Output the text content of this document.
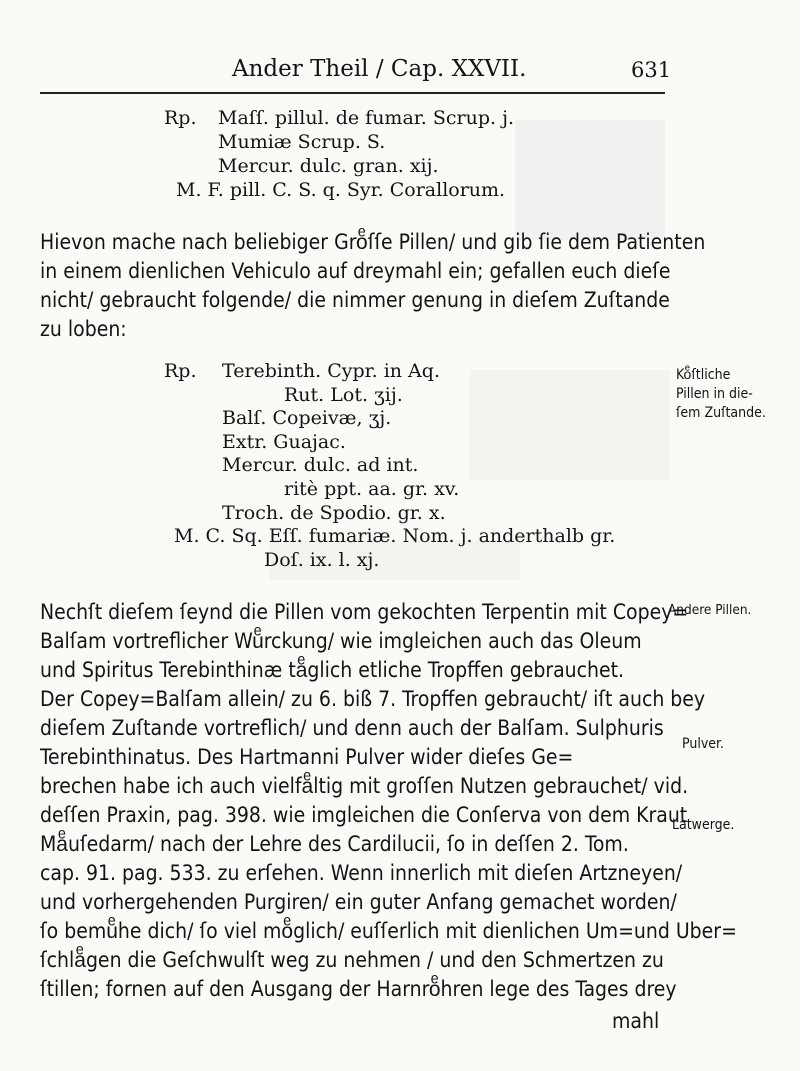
Ander Theil / Cap. XXVII.	631
Rp. Maſſ. pillul. de fumar. Scrup. j.
Mumiæ Scrup. S.
Mercur. dulc. gran. xij.
M. F. pill. C. S. q. Syr. Corallorum.
Hievon mache nach beliebiger Groͤſſe Pillen/ und gib ſie dem Patienten
in einem dienlichen Vehiculo auf dreymahl ein; gefallen euch dieſe
nicht/ gebraucht folgende/ die nimmer genung in dieſem Zuſtande
zu loben:
Rp. Terebinth. Cypr. in Aq.
Rut. Lot. ʒij.
Balſ. Copeivæ, ʒj.
Extr. Guajac.
Mercur. dulc. ad int.
ritè ppt. aa. gr. xv.
Troch. de Spodio. gr. x.
M. C. Sq. Eſſ. fumariæ. Nom. j. anderthalb gr.
Doſ. ix. l. xj.
Nechſt dieſem ſeynd die Pillen vom gekochten Terpentin mit Copey=
Balſam vortreflicher Wuͤrckung/ wie imgleichen auch das Oleum
und Spiritus Terebinthinæ taͤglich etliche Tropffen gebrauchet.
Der Copey=Balſam allein/ zu 6. biß 7. Tropffen gebraucht/ iſt auch bey
dieſem Zuſtande vortreflich/ und denn auch der Balſam. Sulphuris
Terebinthinatus. Des Hartmanni Pulver wider dieſes Ge=
brechen habe ich auch vielfaͤltig mit groſſen Nutzen gebrauchet/ vid.
deſſen Praxin, pag. 398. wie imgleichen die Conſerva von dem Kraut
Maͤuſedarm/ nach der Lehre des Cardilucii, ſo in deſſen 2. Tom.
cap. 91. pag. 533. zu erſehen. Wenn innerlich mit dieſen Artzneyen/
und vorhergehenden Purgiren/ ein guter Anfang gemachet worden/
ſo bemuͤhe dich/ ſo viel moͤglich/ euſſerlich mit dienlichen Um=und Uber=
ſchlaͤgen die Geſchwulſt weg zu nehmen / und den Schmertzen zu
ſtillen; fornen auf den Ausgang der Harnroͤhren lege des Tages drey
mahl
Koͤſtliche
Pillen in die-
ſem Zuſtande.
Andere Pillen.
Pulver.
Latwerge.
